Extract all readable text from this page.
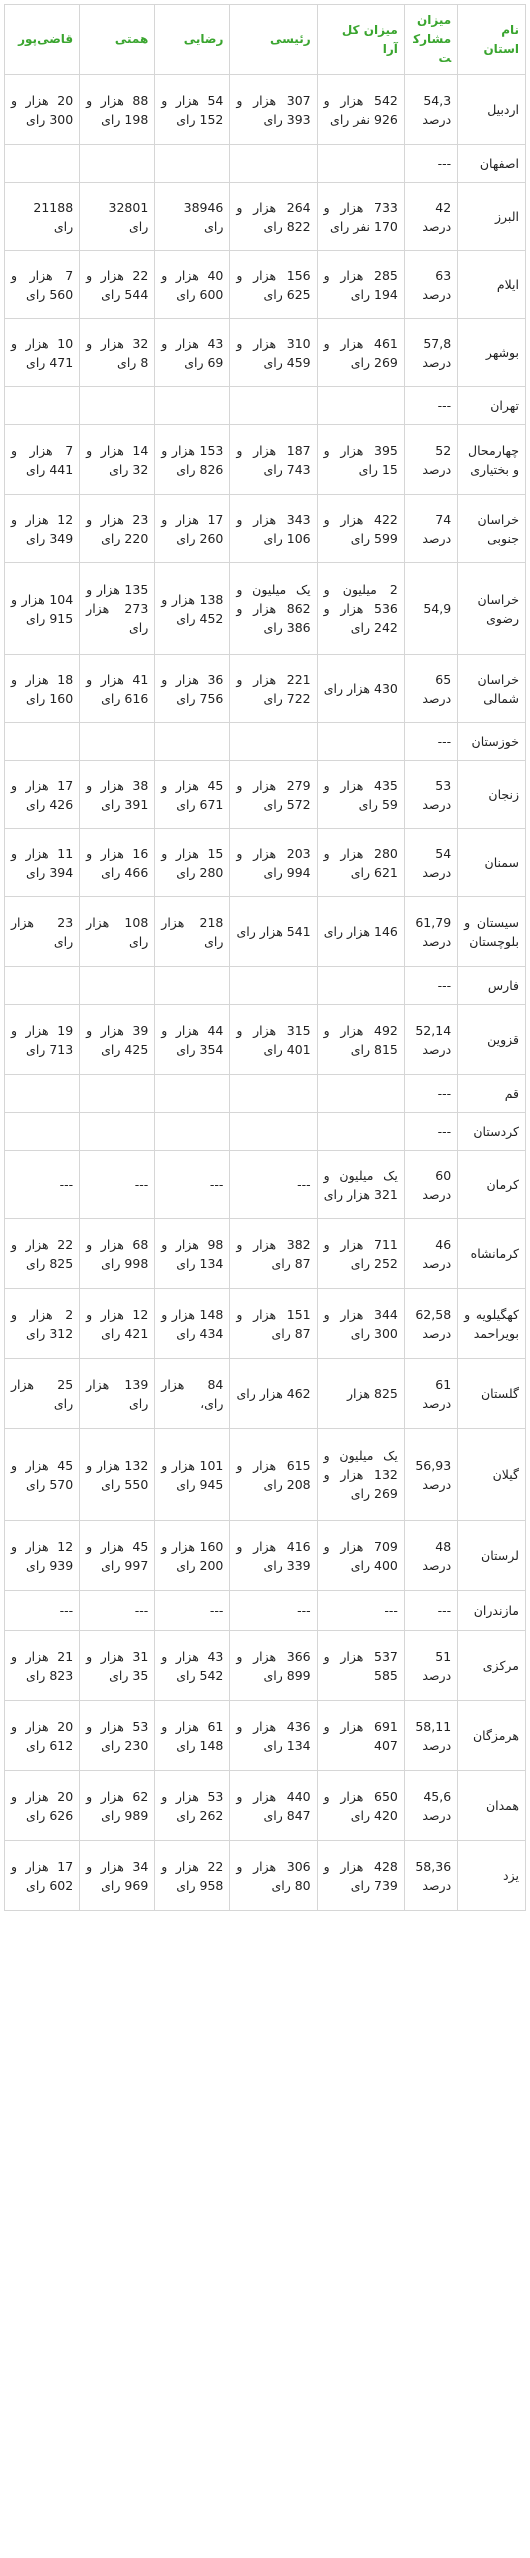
نام استان	میزان مشارکت	میزان کل آرا	رئیسی	رضایی	همتی	قاضی‌پور
اردبیل	54,3 درصد	542 هزار و 926 نفر رای	307 هزار و 393 رای	54 هزار و 152 رای	88 هزار و 198 رای	20 هزار و 300 رای
اصفهان	---					
البرز	42 درصد	733 هزار و 170 نفر رای	264 هزار و 822 رای	38946 رای	32801 رای	21188 رای
ایلام	63 درصد	285 هزار و 194 رای	156 هزار و 625 رای	40 هزار و 600 رای	22 هزار و 544 رای	7 هزار و 560 رای
بوشهر	57,8 درصد	461 هزار و 269 رای	310 هزار و 459 رای	43 هزار و 69 رای	32 هزار و 8 رای	10 هزار و 471 رای
تهران	---					
چهارمحال و بختیاری	52 درصد	395 هزار و 15 رای	187 هزار و 743 رای	153 هزار و 826 رای	14 هزار و 32 رای	7 هزار و 441 رای
خراسان جنوبی	74 درصد	422 هزار و 599 رای	343 هزار و 106 رای	17 هزار و 260 رای	23 هزار و 220 رای	12 هزار و 349 رای
خراسان رضوی	54,9	2 میلیون و 536 هزار و 242 رای	یک میلیون و 862 هزار و 386 رای	138 هزار و 452 رای	135 هزار و 273 هزار رای	104 هزار و 915 رای
خراسان شمالی	65 درصد	430 هزار رای	221 هزار و 722 رای	36 هزار و 756 رای	41 هزار و 616 رای	18 هزار و 160 رای
خوزستان	---					
زنجان	53 درصد	435 هزار و 59 رای	279 هزار و 572 رای	45 هزار و 671 رای	38 هزار و 391 رای	17 هزار و 426 رای
سمنان	54 درصد	280 هزار و 621 رای	203 هزار و 994 رای	15 هزار و 280 رای	16 هزار و 466 رای	11 هزار و 394 رای
سیستان و بلوچستان	61,79 درصد	146 هزار رای	541 هزار رای	218 هزار رای	108 هزار رای	23 هزار رای
فارس	---					
قزوین	52,14 درصد	492 هزار و 815 رای	315 هزار و 401 رای	44 هزار و 354 رای	39 هزار و 425 رای	19 هزار و 713 رای
قم	---					
کردستان	---					
کرمان	60 درصد	یک میلیون و 321 هزار رای	---	---	---	---
کرمانشاه	46 درصد	711 هزار و 252 رای	382 هزار و 87 رای	98 هزار و 134 رای	68 هزار و 998 رای	22 هزار و 825 رای
کهگیلویه و بویراحمد	62,58 درصد	344 هزار و 300 رای	151 هزار و 87 رای	148 هزار و 434 رای	12 هزار و 421 رای	2 هزار و 312 رای
گلستان	61 درصد	825 هزار	462 هزار رای	84 هزار رای،	139 هزار رای	25 هزار رای
گیلان	56,93 درصد	یک میلیون و 132 هزار و 269 رای	615 هزار و 208 رای	101 هزار و 945 رای	132 هزار و 550 رای	45 هزار و 570 رای
لرستان	48 درصد	709 هزار و 400 رای	416 هزار و 339 رای	160 هزار و 200 رای	45 هزار و 997 رای	12 هزار و 939 رای
مازندران	---	---	---	---	---	---
مرکزی	51 درصد	537 هزار و 585	366 هزار و 899 رای	43 هزار و 542 رای	31 هزار و 35 رای	21 هزار و 823 رای
هرمزگان	58,11 درصد	691 هزار و 407	436 هزار و 134 رای	61 هزار و 148 رای	53 هزار و 230 رای	20 هزار و 612 رای
همدان	45,6 درصد	650 هزار و 420 رای	440 هزار و 847 رای	53 هزار و 262 رای	62 هزار و 989 رای	20 هزار و 626 رای
یزد	58,36 درصد	428 هزار و 739 رای	306 هزار و 80 رای	22 هزار و 958 رای	34 هزار و 969 رای	17 هزار و 602 رای
